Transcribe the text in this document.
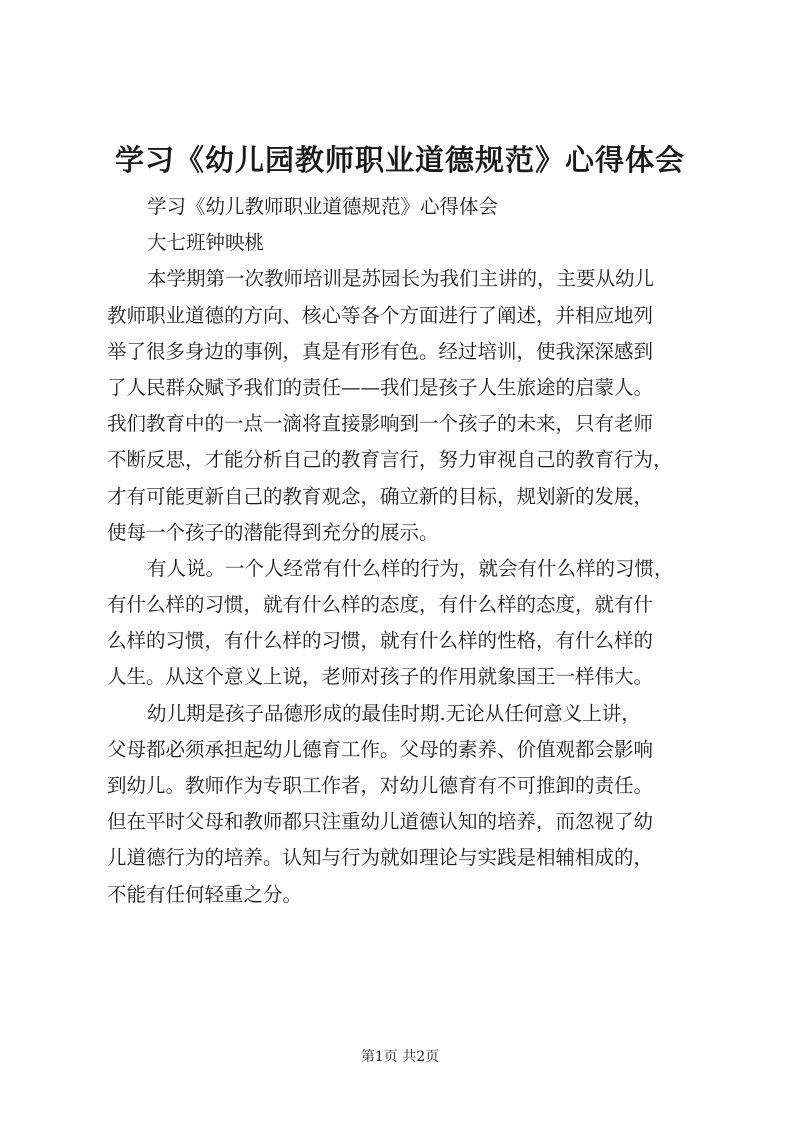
学习《幼儿园教师职业道德规范》心得体会
学习《幼儿教师职业道德规范》心得体会
大七班钟映桃
本学期第一次教师培训是苏园长为我们主讲的，主要从幼儿
教师职业道德的方向、核心等各个方面进行了阐述，并相应地列
举了很多身边的事例，真是有形有色。经过培训，使我深深感到
了人民群众赋予我们的责任——我们是孩子人生旅途的启蒙人。
我们教育中的一点一滴将直接影响到一个孩子的未来，只有老师
不断反思，才能分析自己的教育言行，努力审视自己的教育行为，
才有可能更新自己的教育观念，确立新的目标，规划新的发展，
使每一个孩子的潜能得到充分的展示。
有人说。一个人经常有什么样的行为，就会有什么样的习惯，
有什么样的习惯，就有什么样的态度，有什么样的态度，就有什
么样的习惯，有什么样的习惯，就有什么样的性格，有什么样的
人生。从这个意义上说，老师对孩子的作用就象国王一样伟大。
幼儿期是孩子品德形成的最佳时期.无论从任何意义上讲，
父母都必须承担起幼儿德育工作。父母的素养、价值观都会影响
到幼儿。教师作为专职工作者，对幼儿德育有不可推卸的责任。
但在平时父母和教师都只注重幼儿道德认知的培养，而忽视了幼
儿道德行为的培养。认知与行为就如理论与实践是相辅相成的，
不能有任何轻重之分。
第1页 共2页
